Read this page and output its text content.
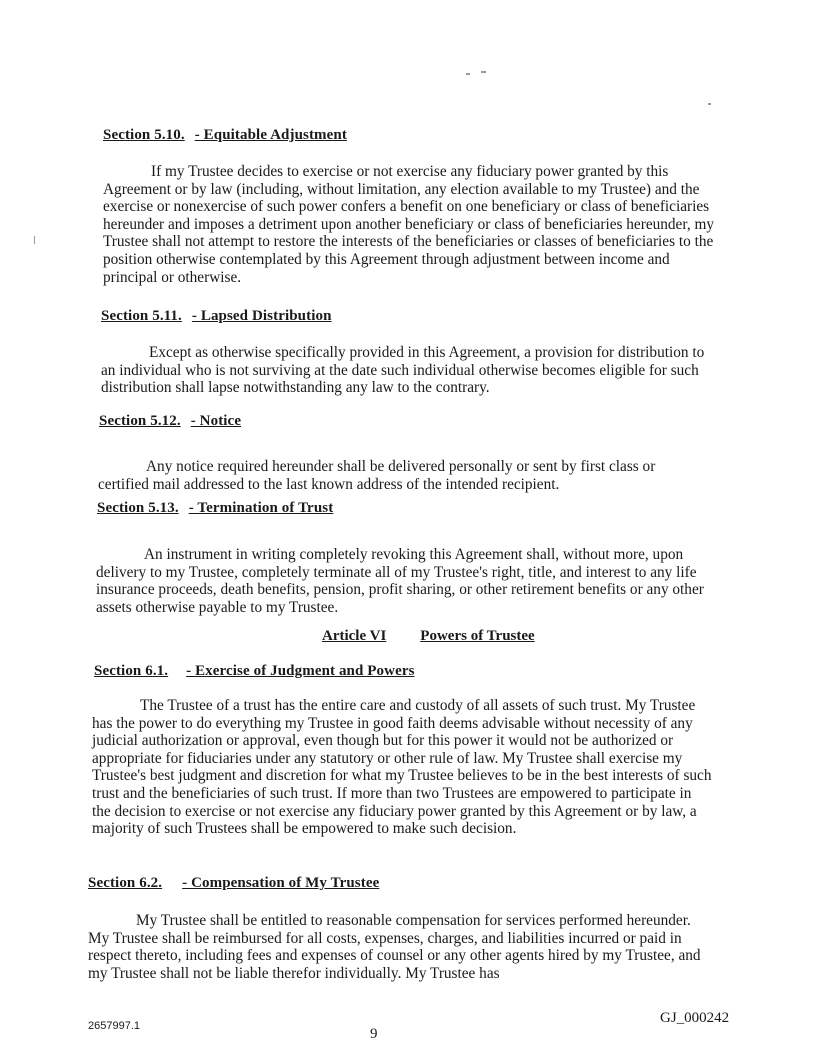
Section 5.10. - Equitable Adjustment

If my Trustee decides to exercise or not exercise any fiduciary power granted by this Agreement or by law (including, without limitation, any election available to my Trustee) and the exercise or nonexercise of such power confers a benefit on one beneficiary or class of beneficiaries hereunder and imposes a detriment upon another beneficiary or class of beneficiaries hereunder, my Trustee shall not attempt to restore the interests of the beneficiaries or classes of beneficiaries to the position otherwise contemplated by this Agreement through adjustment between income and principal or otherwise.

Section 5.11. - Lapsed Distribution

Except as otherwise specifically provided in this Agreement, a provision for distribution to an individual who is not surviving at the date such individual otherwise becomes eligible for such distribution shall lapse notwithstanding any law to the contrary.

Section 5.12. - Notice

Any notice required hereunder shall be delivered personally or sent by first class or certified mail addressed to the last known address of the intended recipient.

Section 5.13. - Termination of Trust

An instrument in writing completely revoking this Agreement shall, without more, upon delivery to my Trustee, completely terminate all of my Trustee's right, title, and interest to any life insurance proceeds, death benefits, pension, profit sharing, or other retirement benefits or any other assets otherwise payable to my Trustee.

Article VI Powers of Trustee
Section 6.1. - Exercise of Judgment and Powers

The Trustee of a trust has the entire care and custody of all assets of such trust. My Trustee has the power to do everything my Trustee in good faith deems advisable without necessity of any judicial authorization or approval, even though but for this power it would not be authorized or appropriate for fiduciaries under any statutory or other rule of law. My Trustee shall exercise my Trustee's best judgment and discretion for what my Trustee believes to be in the best interests of such trust and the beneficiaries of such trust. If more than two Trustees are empowered to participate in the decision to exercise or not exercise any fiduciary power granted by this Agreement or by law, a majority of such Trustees shall be empowered to make such decision.

Section 6.2. - Compensation of My Trustee

My Trustee shall be entitled to reasonable compensation for services performed hereunder. My Trustee shall be reimbursed for all costs, expenses, charges, and liabilities incurred or paid in respect thereto, including fees and expenses of counsel or any other agents hired by my Trustee, and my Trustee shall not be liable therefor individually. My Trustee has

GJ_000242
2657997.1	9
